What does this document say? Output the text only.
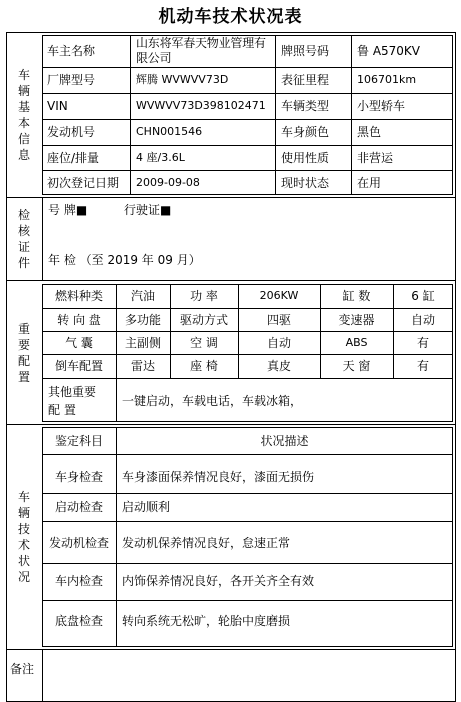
机动车技术状况表
车辆基本信息
车主名称
山东将军春天物业管理有限公司	牌照号码 鲁 A570KV
厂牌型号	辉腾 WVWVV73D	表征里程	106701km
VIN	WVWVV73D398102471 车辆类型 小型轿车
发动机号	CHN001546	车身颜色 黑色
座位/排量	4 座/3.6L	使用性质 非营运
初次登记日期 2009-09-08	现时状态 在用
检核证件
号 牌■	行驶证■
年 检 （至 2019 年 09 月）
重要配置
燃料种类	汽油	功 率	206KW	缸 数	6 缸
转 向 盘	多功能	驱动方式	四驱	变速器	自动
气 囊	主副侧	空 调	自动	ABS	有
倒车配置	雷达	座 椅	真皮	天 窗	有
其他重要
配 置
一键启动，车载电话，车载冰箱，
车辆技术状况
鉴定科目	状况描述
车身检查	车身漆面保养情况良好，漆面无损伤
启动检查	启动顺利
发动机检查	发动机保养情况良好，怠速正常
车内检查	内饰保养情况良好，各开关齐全有效
底盘检查	转向系统无松旷，轮胎中度磨损
备注
